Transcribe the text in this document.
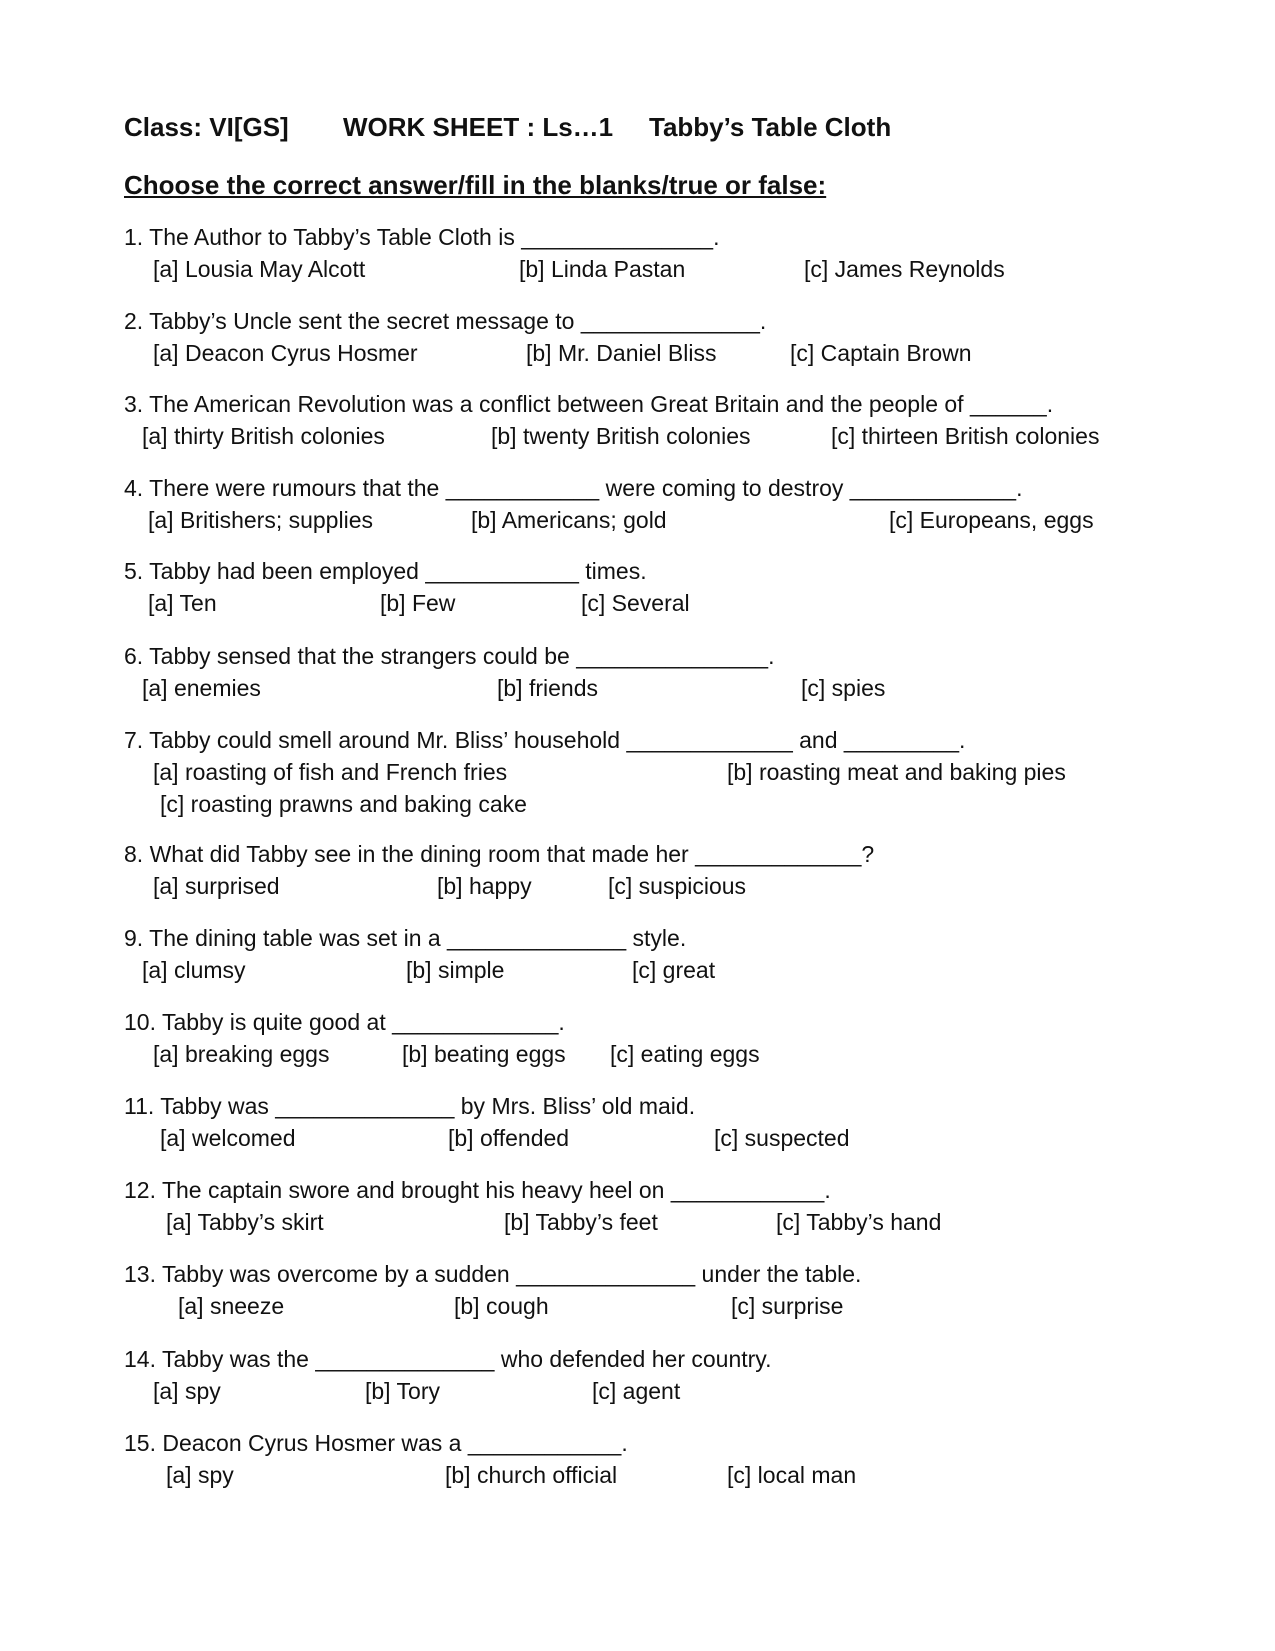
Class: VI[GS] WORK SHEET : Ls…1 Tabby’s Table Cloth
Choose the correct answer/fill in the blanks/true or false:
1. The Author to Tabby’s Table Cloth is _______________.
[a] Lousia May Alcott	[b] Linda Pastan	[c] James Reynolds
2. Tabby’s Uncle sent the secret message to ______________.
[a] Deacon Cyrus Hosmer	[b] Mr. Daniel Bliss	[c] Captain Brown
3. The American Revolution was a conflict between Great Britain and the people of ______.
[a] thirty British colonies	[b] twenty British colonies	[c] thirteen British colonies
4. There were rumours that the ____________ were coming to destroy _____________.
[a] Britishers; supplies	[b] Americans; gold	[c] Europeans, eggs
5. Tabby had been employed ____________ times.
[a] Ten	[b] Few	[c] Several
6. Tabby sensed that the strangers could be _______________.
[a] enemies	[b] friends	[c] spies
7. Tabby could smell around Mr. Bliss’ household _____________ and _________.
[a] roasting of fish and French fries	[b] roasting meat and baking pies
[c] roasting prawns and baking cake
8. What did Tabby see in the dining room that made her _____________?
[a] surprised	[b] happy	[c] suspicious
9. The dining table was set in a ______________ style.
[a] clumsy	[b] simple	[c] great
10. Tabby is quite good at _____________.
[a] breaking eggs	[b] beating eggs [c] eating eggs
11. Tabby was ______________ by Mrs. Bliss’ old maid.
[a] welcomed	[b] offended	[c] suspected
12. The captain swore and brought his heavy heel on ____________.
[a] Tabby’s skirt	[b] Tabby’s feet	[c] Tabby’s hand
13. Tabby was overcome by a sudden ______________ under the table.
[a] sneeze	[b] cough	[c] surprise
14. Tabby was the ______________ who defended her country.
[a] spy	[b] Tory	[c] agent
15. Deacon Cyrus Hosmer was a ____________.
[a] spy	[b] church official	[c] local man
